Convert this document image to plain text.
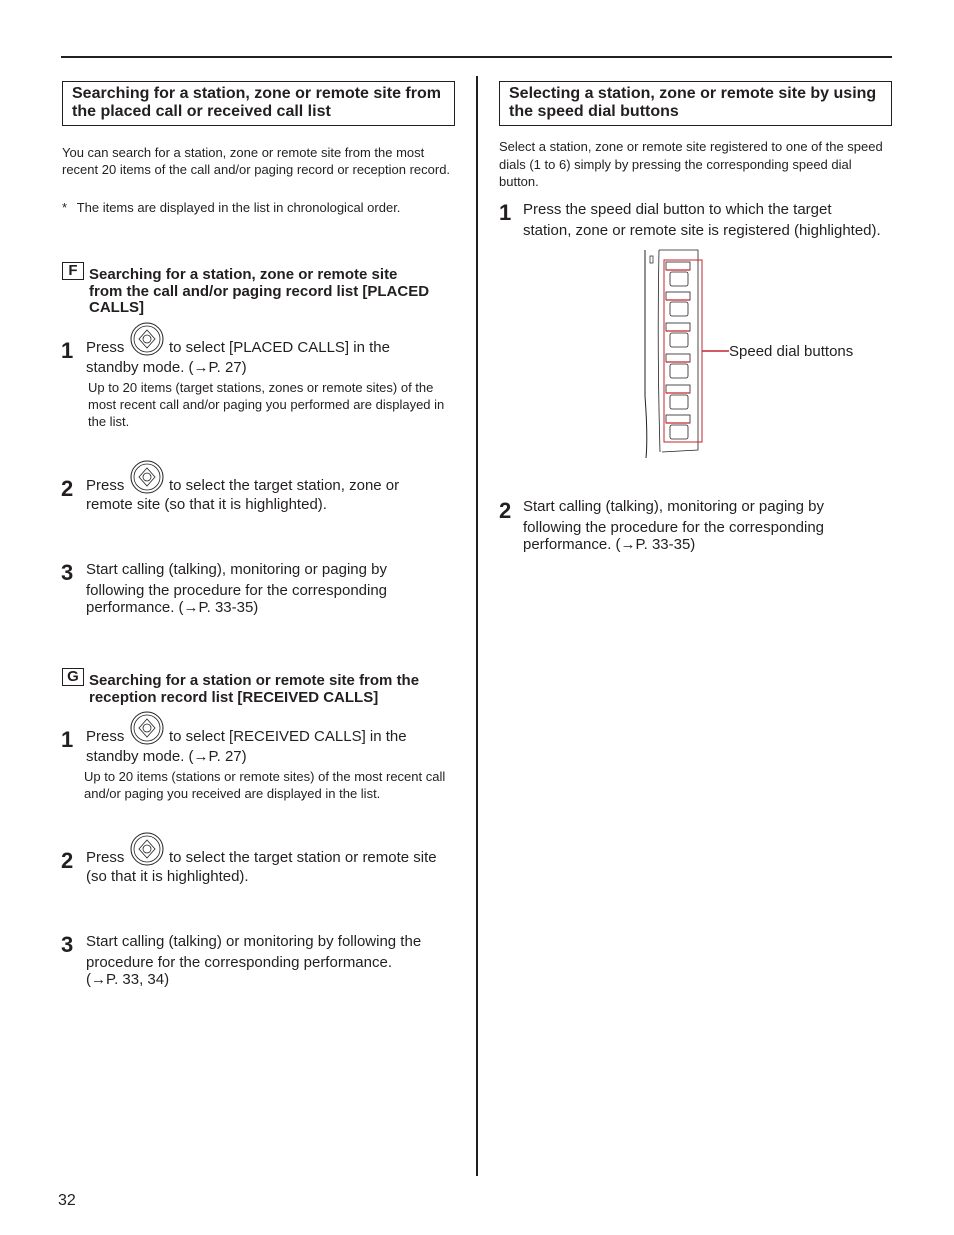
Searching for a station, zone or remote site from the placed call or received call list
You can search for a station, zone or remote site from the most recent 20 items of the call and/or paging record or reception record.
* The items are displayed in the list in chronological order.
F Searching for a station, zone or remote site
from the call and/or paging record list [PLACED
CALLS]
1 Press	to select [PLACED CALLS] in the
standby mode. (→P. 27)
Up to 20 items (target stations, zones or remote sites) of the most recent call and/or paging you performed are displayed in the list.
2 Press	to select the target station, zone or
remote site (so that it is highlighted).
3 Start calling (talking), monitoring or paging by
following the procedure for the corresponding
performance. (→P. 33-35)
G Searching for a station or remote site from the
reception record list [RECEIVED CALLS]
1 Press	to select [RECEIVED CALLS] in the
standby mode. (→P. 27)
Up to 20 items (stations or remote sites) of the most recent call and/or paging you received are displayed in the list.
2 Press	to select the target station or remote site
(so that it is highlighted).
3 Start calling (talking) or monitoring by following the
procedure for the corresponding performance.
(→P. 33, 34)
Selecting a station, zone or remote site by using the speed dial buttons
Select a station, zone or remote site registered to one of the speed dials (1 to 6) simply by pressing the corresponding speed dial button.
1 Press the speed dial button to which the target
station, zone or remote site is registered (highlighted).
Speed dial buttons
2 Start calling (talking), monitoring or paging by
following the procedure for the corresponding
performance. (→P. 33-35)
32
